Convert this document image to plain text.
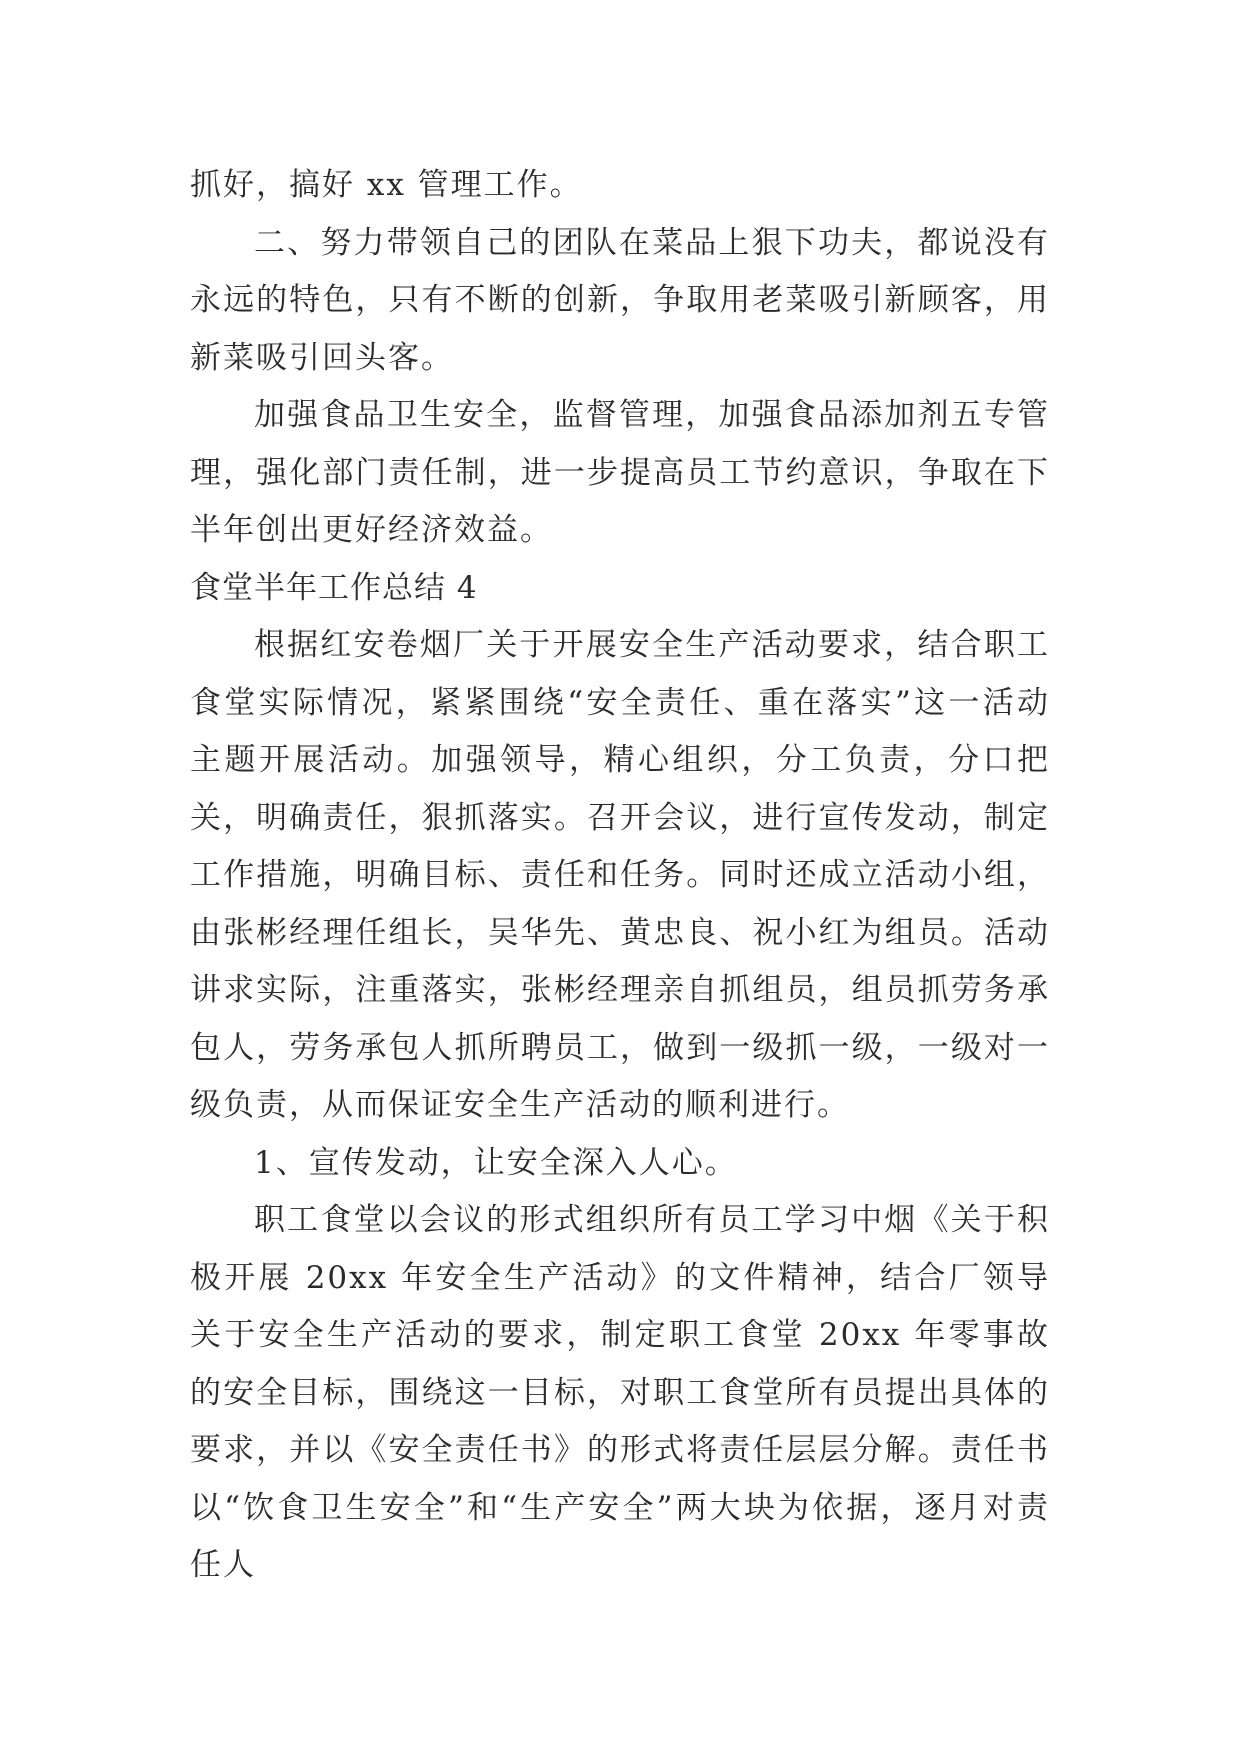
抓好，搞好 xx 管理工作。

二、努力带领自己的团队在菜品上狠下功夫，都说没有永远的特色，只有不断的创新，争取用老菜吸引新顾客，用新菜吸引回头客。

加强食品卫生安全，监督管理，加强食品添加剂五专管理，强化部门责任制，进一步提高员工节约意识，争取在下半年创出更好经济效益。

食堂半年工作总结 4

根据红安卷烟厂关于开展安全生产活动要求，结合职工食堂实际情况，紧紧围绕“安全责任、重在落实”这一活动主题开展活动。加强领导，精心组织，分工负责，分口把关，明确责任，狠抓落实。召开会议，进行宣传发动，制定工作措施，明确目标、责任和任务。同时还成立活动小组，由张彬经理任组长，吴华先、黄忠良、祝小红为组员。活动讲求实际，注重落实，张彬经理亲自抓组员，组员抓劳务承包人，劳务承包人抓所聘员工，做到一级抓一级，一级对一级负责，从而保证安全生产活动的顺利进行。

1、宣传发动，让安全深入人心。

职工食堂以会议的形式组织所有员工学习中烟《关于积极开展 20xx 年安全生产活动》的文件精神，结合厂领导关于安全生产活动的要求，制定职工食堂 20xx 年零事故的安全目标，围绕这一目标，对职工食堂所有员提出具体的要求，并以《安全责任书》的形式将责任层层分解。责任书以“饮食卫生安全”和“生产安全”两大块为依据，逐月对责任人
